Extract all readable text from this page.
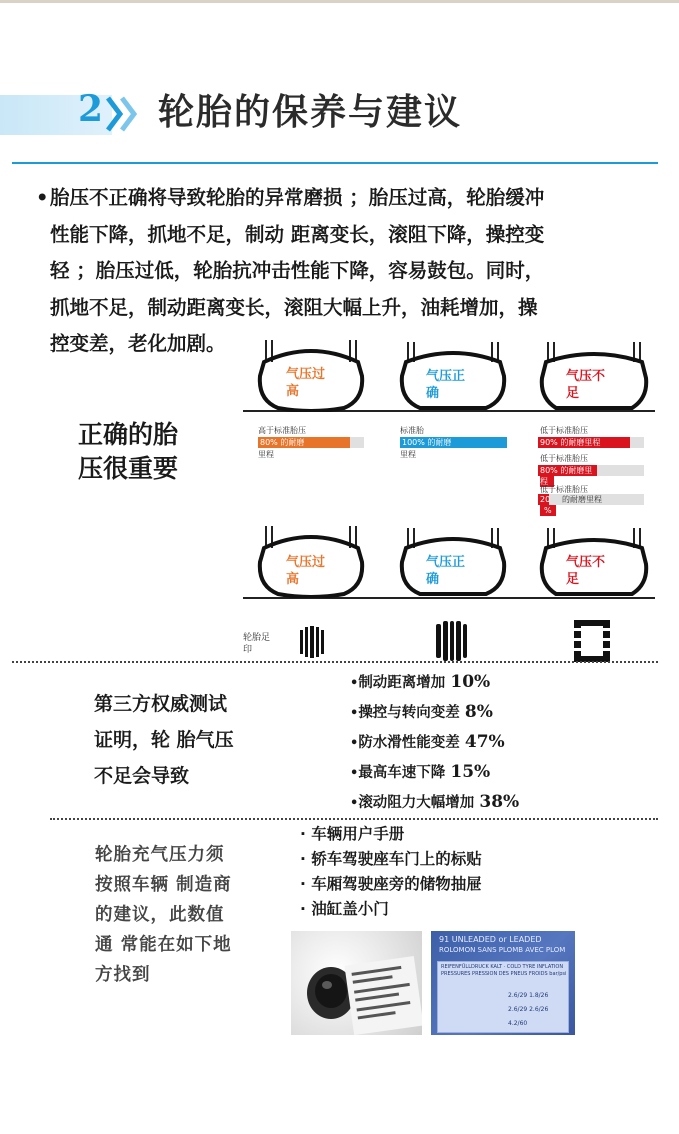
2 轮胎的保养与建议
• 胎压不正确将导致轮胎的异常磨损 ；胎压过高，轮胎缓冲
性能下降，抓地不足，制动 距离变长，滚阻下降，操控变
轻 ；胎压过低，轮胎抗冲击性能下降，容易鼓包。同时，
抓地不足，制动距离变长，滚阻大幅上升，油耗增加，操
控变差，老化加剧。
正确的胎
压很重要
气压过
高
气压正
确
气压不
足
高于标准胎压
80% 的耐磨
里程
标准胎
100% 的耐磨
里程
低于标准胎压
90% 的耐磨里程
低于标准胎压
80% 的耐磨里
程
低于标准胎压
20 的耐磨里程
%
气压过
高
气压正
确
气压不
足
轮胎足
印
第三方权威测试
证明，轮 胎气压
不足会导致
•制动距离增加 10%
•操控与转向变差 8%
•防水滑性能变差 47%
•最高车速下降 15%
•滚动阻力大幅增加 38%
轮胎充气压力须
按照车辆 制造商
的建议，此数值
通 常能在如下地
方找到
· 车辆用户手册
· 轿车驾驶座车门上的标贴
· 车厢驾驶座旁的储物抽屉
· 油缸盖小门
91 UNLEADED or LEADED
ROLOMON SANS PLOMB AVEC PLOM
REIFENFÜLLDRUCK KALT · COLD TYRE INFLATION
PRESSURES PRESSION DES PNEUS FROIDS bar/psi
2.6/29 1.8/26
2.6/29 2.6/26
4.2/60
